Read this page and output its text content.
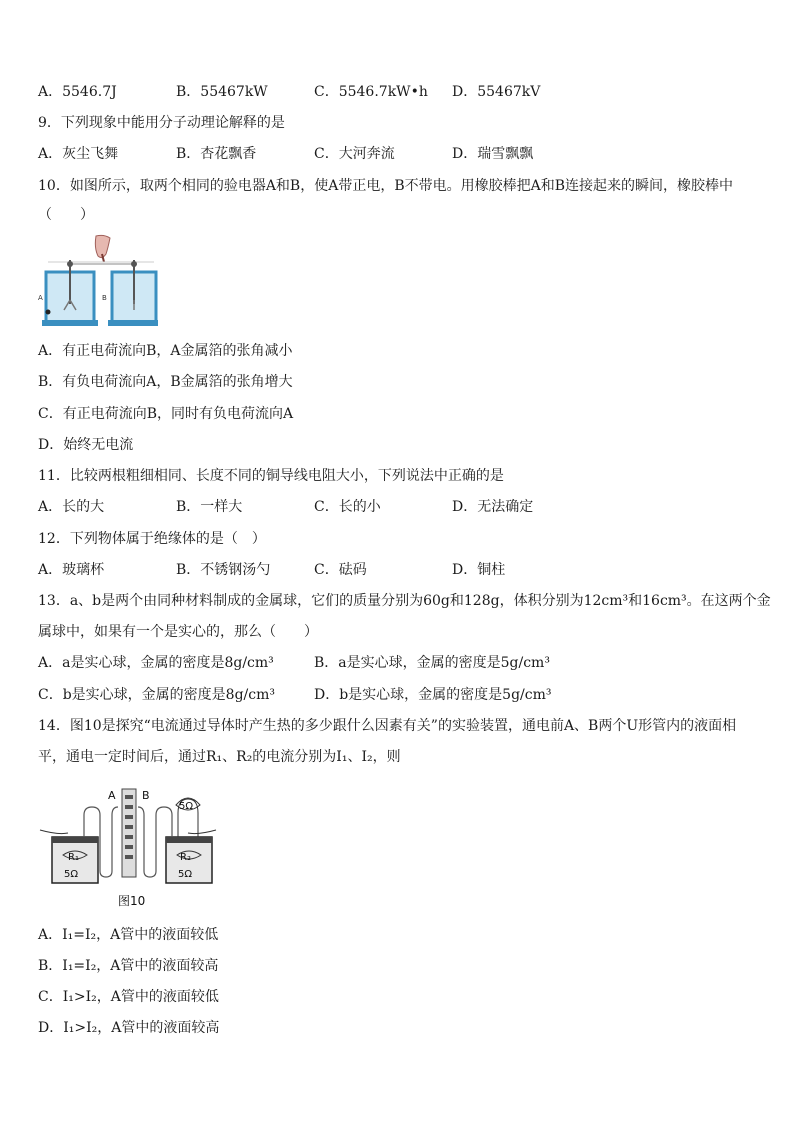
A．5546.7J	B．55467kW	C．5546.7kW•h D．55467kV
9．下列现象中能用分子动理论解释的是
A．灰尘飞舞	B．杏花飘香	C．大河奔流	D．瑞雪飘飘
10．如图所示，取两个相同的验电器A和B，使A带正电，B不带电。用橡胶棒把A和B连接起来的瞬间，橡胶棒中
（　　）
A	B
A．有正电荷流向B，A金属箔的张角减小
B．有负电荷流向A，B金属箔的张角增大
C．有正电荷流向B，同时有负电荷流向A
D．始终无电流
11．比较两根粗细相同、长度不同的铜导线电阻大小，下列说法中正确的是
A．长的大	B．一样大	C．长的小	D．无法确定
12．下列物体属于绝缘体的是（　）
A．玻璃杯	B．不锈钢汤勺	C．砝码	D．铜柱
13．a、b是两个由同种材料制成的金属球，它们的质量分别为60g和128g，体积分别为12cm³和16cm³。在这两个金
属球中，如果有一个是实心的，那么（　　）
A．a是实心球，金属的密度是8g/cm³	B．a是实心球，金属的密度是5g/cm³
C．b是实心球，金属的密度是8g/cm³	D．b是实心球，金属的密度是5g/cm³
14．图10是探究“电流通过导体时产生热的多少跟什么因素有关”的实验装置，通电前A、B两个U形管内的液面相
平，通电一定时间后，通过R₁、R₂的电流分别为I₁、I₂，则
R₁
5Ω
R₂
5Ω
A B
5Ω
图10
A．I₁=I₂，A管中的液面较低
B．I₁=I₂，A管中的液面较高
C．I₁>I₂，A管中的液面较低
D．I₁>I₂，A管中的液面较高
